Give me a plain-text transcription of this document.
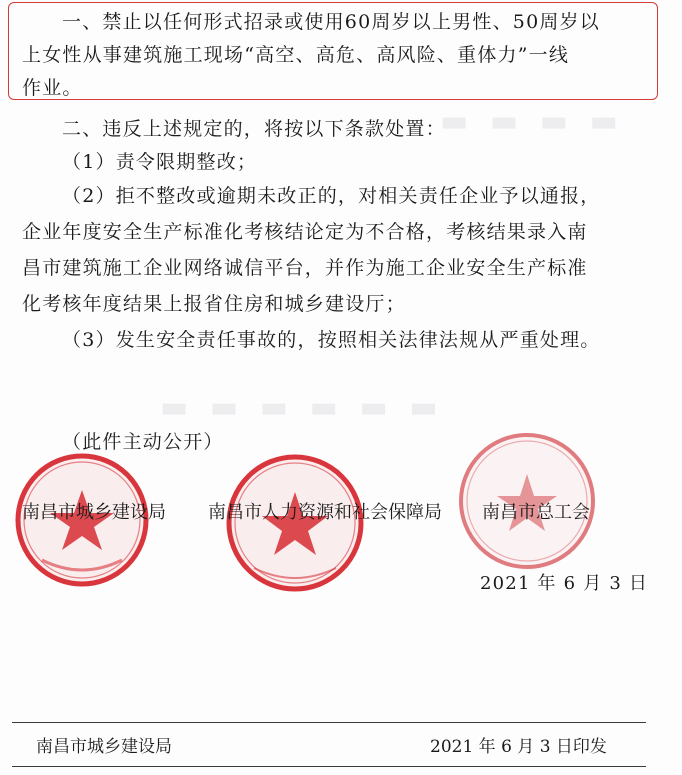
▬ ▬ ▬ ▬
▬ ▬ ▬ ▬ ▬ ▬
一、禁止以任何形式招录或使用60周岁以上男性、50周岁以
上女性从事建筑施工现场“高空、高危、高风险、重体力”一线
作业。
二、违反上述规定的，将按以下条款处置：
（1）责令限期整改；
（2）拒不整改或逾期未改正的，对相关责任企业予以通报，
企业年度安全生产标准化考核结论定为不合格，考核结果录入南
昌市建筑施工企业网络诚信平台，并作为施工企业安全生产标准
化考核年度结果上报省住房和城乡建设厅；
（3）发生安全责任事故的，按照相关法律法规从严重处理。
（此件主动公开）
南昌市城乡建设局 南昌市人力资源和社会保障局 南昌市总工会
2021 年 6 月 3 日
南昌市城乡建设局	2021 年 6 月 3 日印发
